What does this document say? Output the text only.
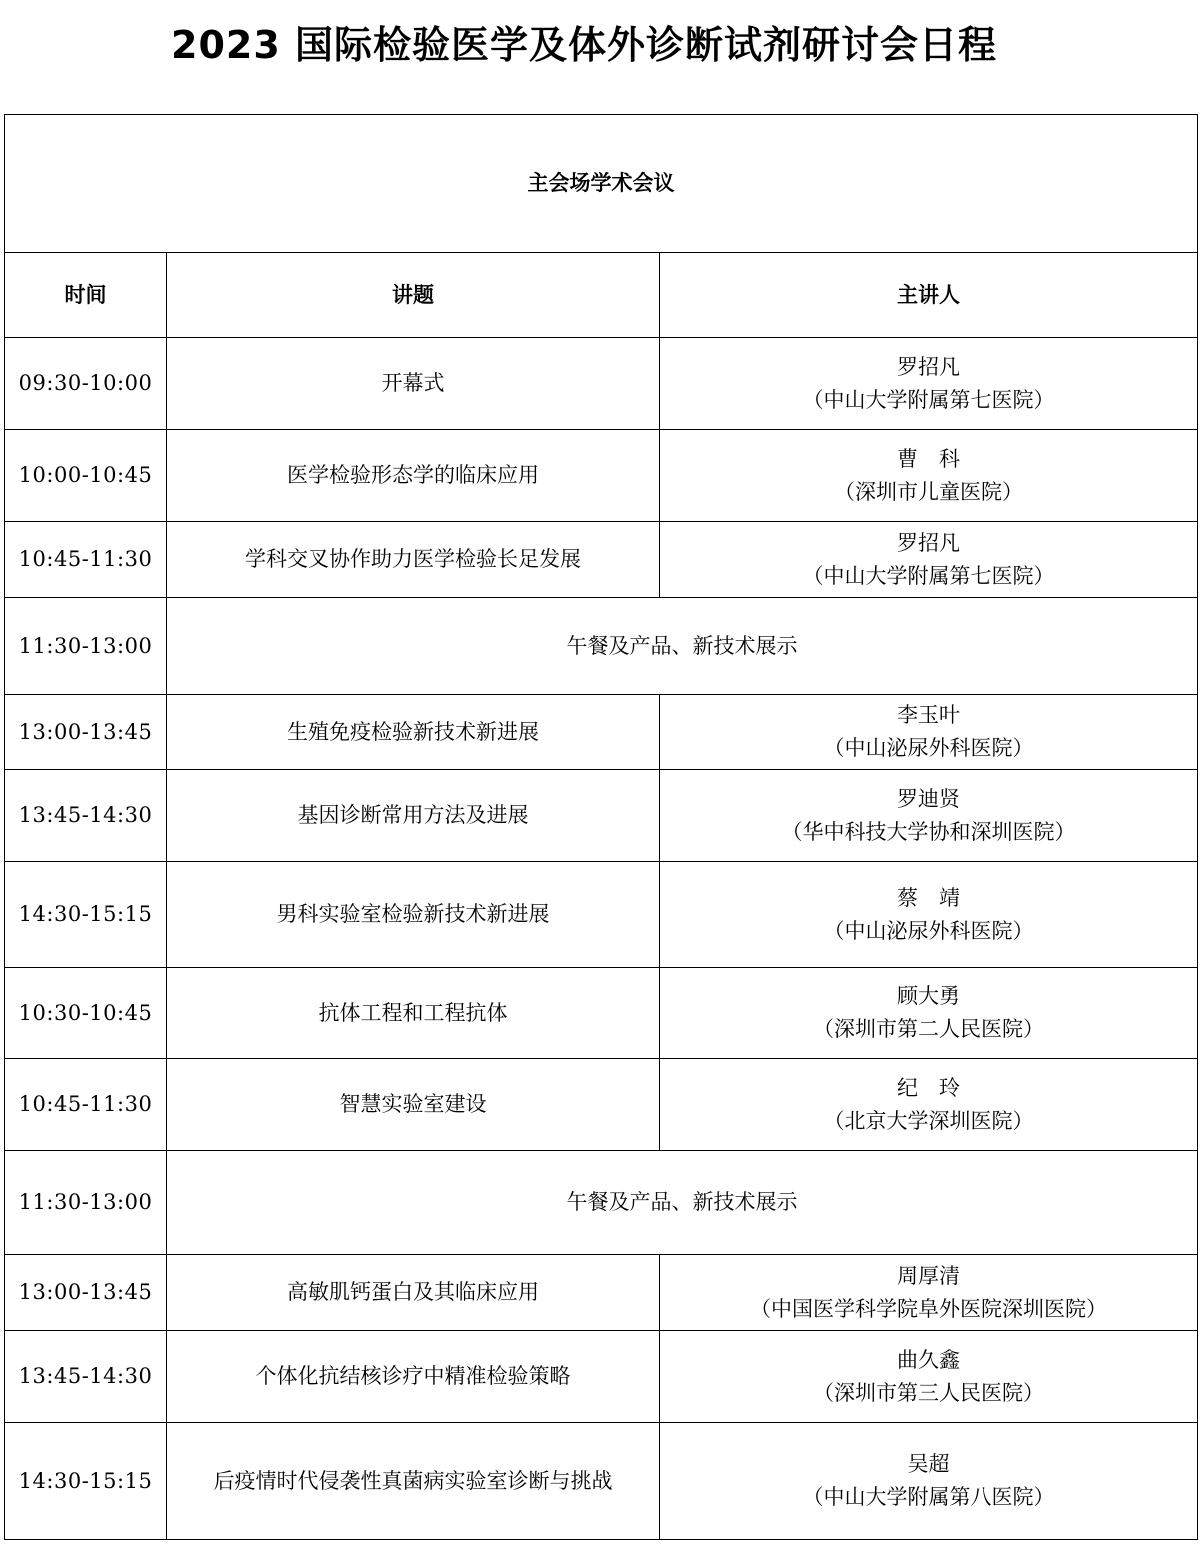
2023 国际检验医学及体外诊断试剂研讨会日程
主会场学术会议		
时间	讲题	主讲人
09:30-10:00	开幕式	罗招凡
（中山大学附属第七医院）

10:00-10:45	医学检验形态学的临床应用	曹　科
（深圳市儿童医院）

10:45-11:30	学科交叉协作助力医学检验长足发展	罗招凡
（中山大学附属第七医院）

11:30-13:00	午餐及产品、新技术展示	
13:00-13:45	生殖免疫检验新技术新进展	李玉叶
（中山泌尿外科医院）

13:45-14:30	基因诊断常用方法及进展	罗迪贤
（华中科技大学协和深圳医院）

14:30-15:15	男科实验室检验新技术新进展	蔡　靖
（中山泌尿外科医院）

10:30-10:45	抗体工程和工程抗体	顾大勇
（深圳市第二人民医院）

10:45-11:30	智慧实验室建设	纪　玲
（北京大学深圳医院）

11:30-13:00	午餐及产品、新技术展示	
13:00-13:45	高敏肌钙蛋白及其临床应用	周厚清
（中国医学科学院阜外医院深圳医院）

13:45-14:30	个体化抗结核诊疗中精准检验策略	曲久鑫
（深圳市第三人民医院）

14:30-15:15	后疫情时代侵袭性真菌病实验室诊断与挑战	吴超
（中山大学附属第八医院）
